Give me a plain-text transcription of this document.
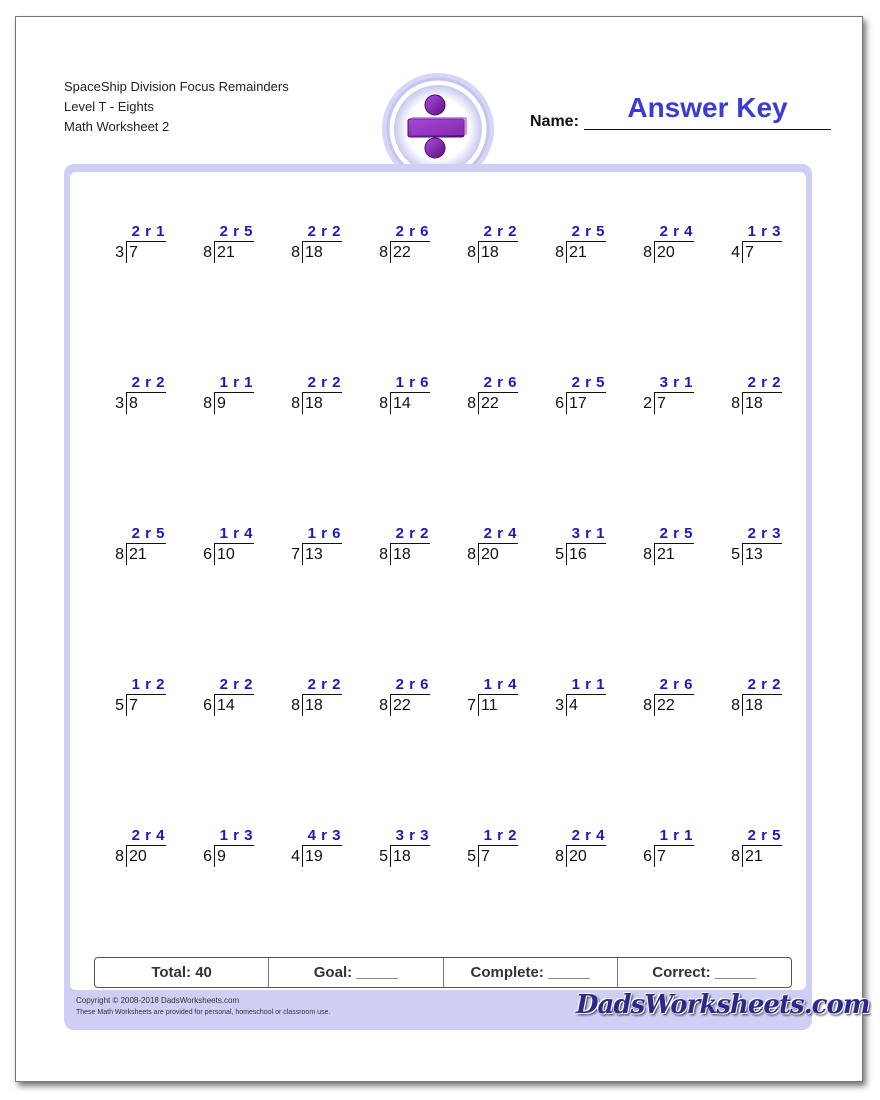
SpaceShip Division Focus Remainders
Level T - Eights
Math Worksheet 2	Name:	Answer Key
2 r 1
3 7
2 r 5
8 21
2 r 2
8 18
2 r 6
8 22
2 r 2
8 18
2 r 5
8 21
2 r 4
8 20
1 r 3
4 7
2 r 2
3 8
1 r 1
8 9
2 r 2
8 18
1 r 6
8 14
2 r 6
8 22
2 r 5
6 17
3 r 1
2 7
2 r 2
8 18
2 r 5
8 21
1 r 4
6 10
1 r 6
7 13
2 r 2
8 18
2 r 4
8 20
3 r 1
5 16
2 r 5
8 21
2 r 3
5 13
1 r 2
5 7
2 r 2
6 14
2 r 2
8 18
2 r 6
8 22
1 r 4
7 11
1 r 1
3 4
2 r 6
8 22
2 r 2
8 18
2 r 4
8 20
1 r 3
6 9
4 r 3
4 19
3 r 3
5 18
1 r 2
5 7
2 r 4
8 20
1 r 1
6 7
2 r 5
8 21
Total: 40	Goal: _____	Complete: _____	Correct: _____
Copyright © 2008-2018 DadsWorksheets.com
These Math Worksheets are provided for personal, homeschool or classroom use.	DadsWorksheets.com
